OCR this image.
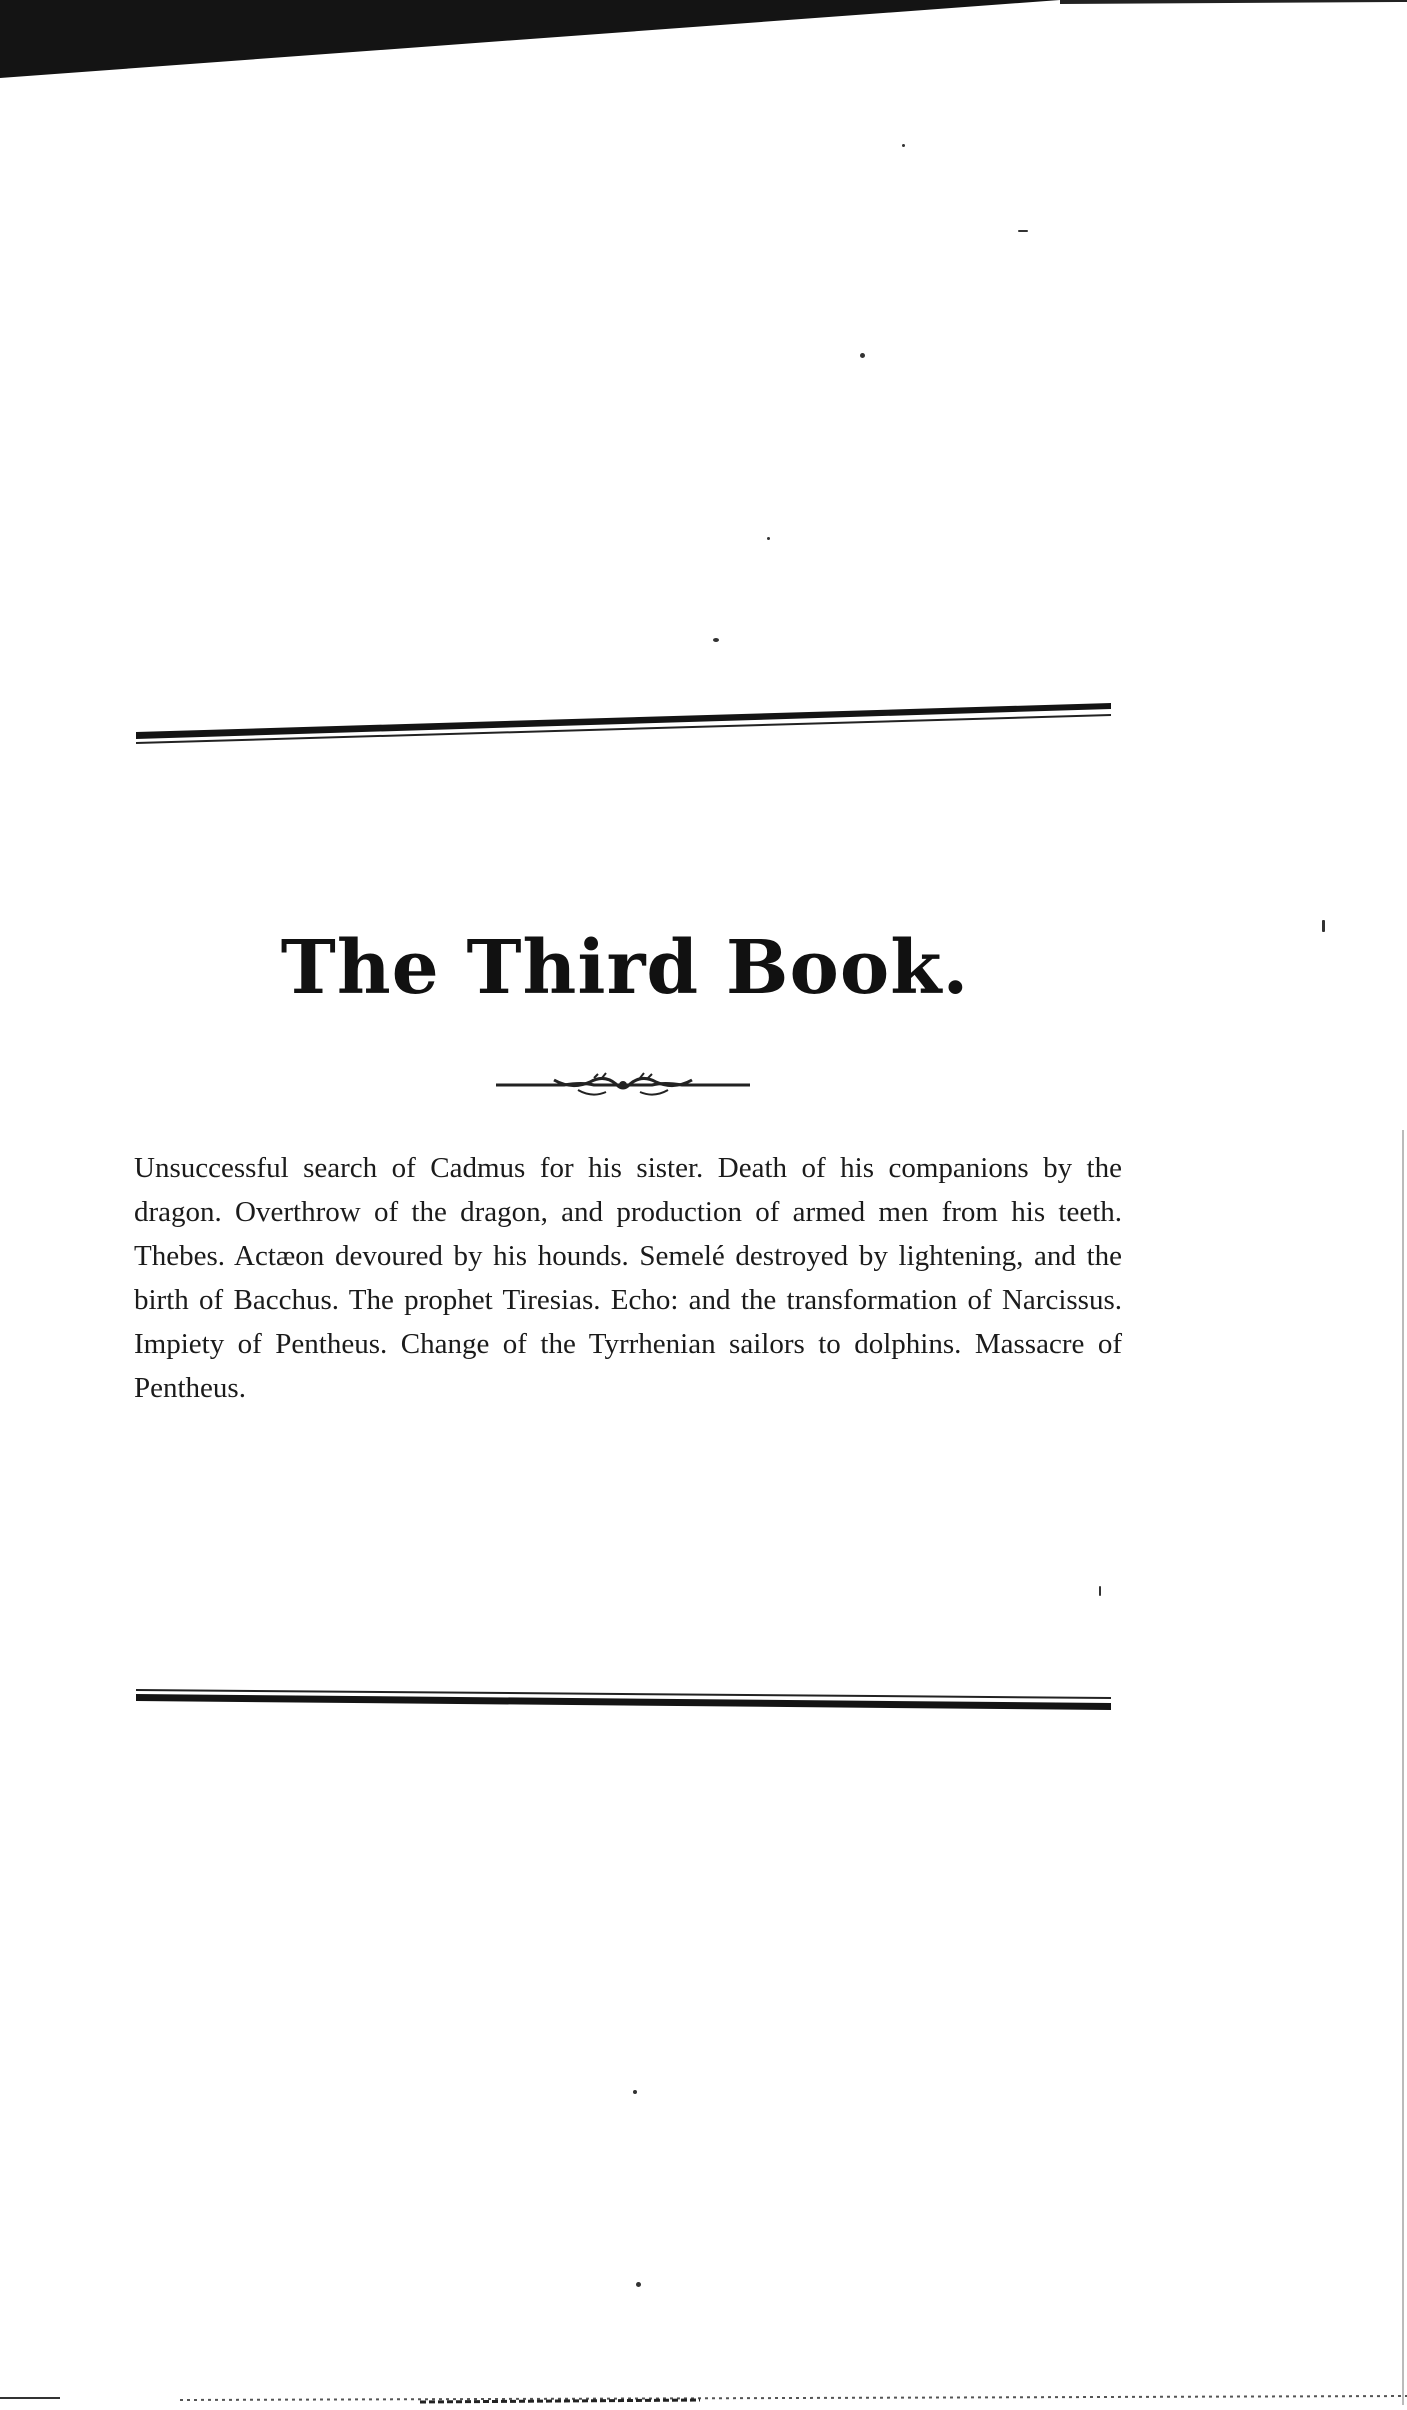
The Third Book.
Unsuccessful search of Cadmus for his sister. Death of his companions by the dragon. Overthrow of the dragon, and production of armed men from his teeth. Thebes. Actæon devoured by his hounds. Semelé destroyed by lightening, and the birth of Bacchus. The prophet Tiresias. Echo: and the transformation of Narcissus. Impiety of Pentheus. Change of the Tyrrhenian sailors to dolphins. Massacre of Pentheus.
